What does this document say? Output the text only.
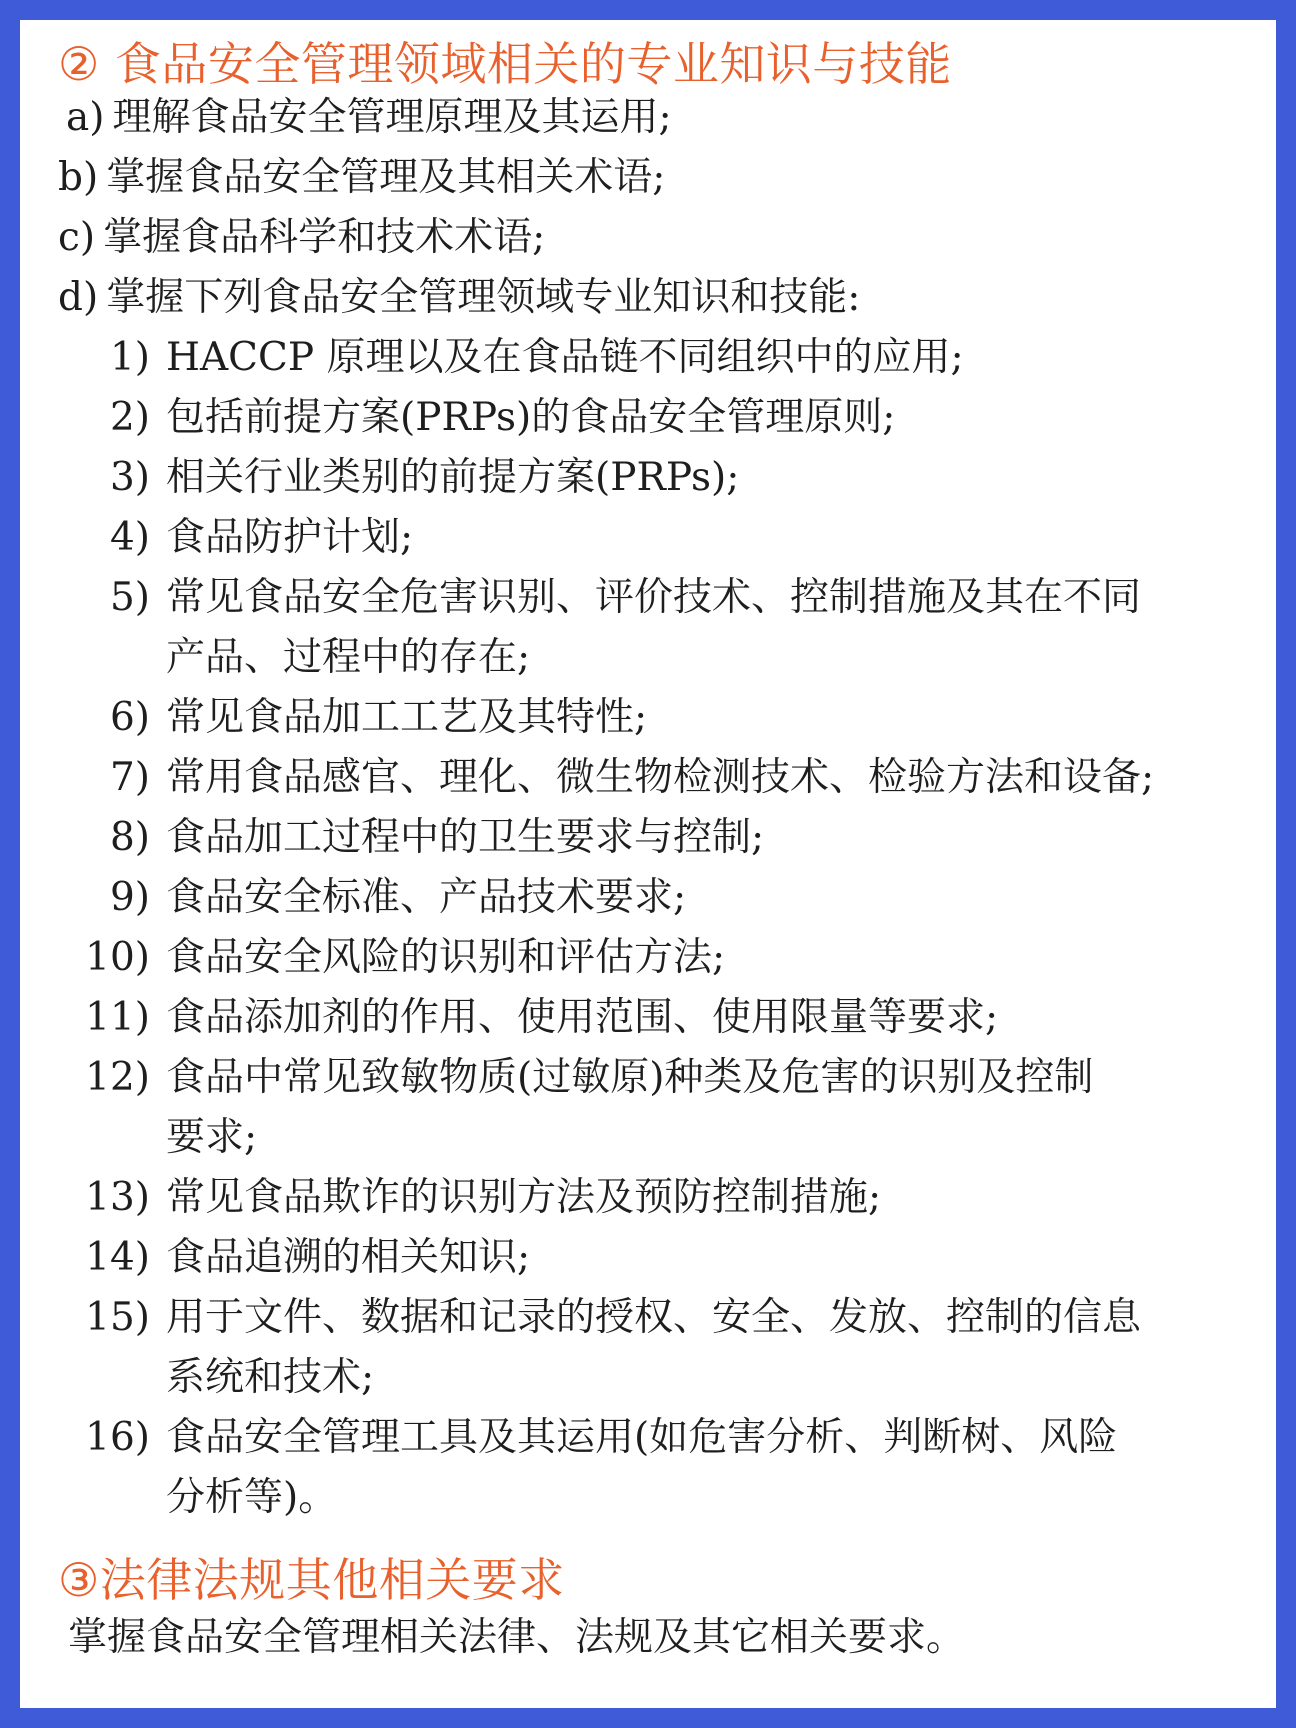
② 食品安全管理领域相关的专业知识与技能
a) 理解食品安全管理原理及其运用;
b) 掌握食品安全管理及其相关术语;
c) 掌握食品科学和技术术语;
d) 掌握下列食品安全管理领域专业知识和技能:
1) HACCP 原理以及在食品链不同组织中的应用;
2) 包括前提方案(PRPs)的食品安全管理原则;
3) 相关行业类别的前提方案(PRPs);
4) 食品防护计划;
5) 常见食品安全危害识别、评价技术、控制措施及其在不同
产品、过程中的存在;
6) 常见食品加工工艺及其特性;
7) 常用食品感官、理化、微生物检测技术、检验方法和设备;
8) 食品加工过程中的卫生要求与控制;
9) 食品安全标准、产品技术要求;
10) 食品安全风险的识别和评估方法;
11) 食品添加剂的作用、使用范围、使用限量等要求;
12) 食品中常见致敏物质(过敏原)种类及危害的识别及控制
要求;
13) 常见食品欺诈的识别方法及预防控制措施;
14) 食品追溯的相关知识;
15) 用于文件、数据和记录的授权、安全、发放、控制的信息
系统和技术;
16) 食品安全管理工具及其运用(如危害分析、判断树、风险
分析等)。
③法律法规其他相关要求

掌握食品安全管理相关法律、法规及其它相关要求。
